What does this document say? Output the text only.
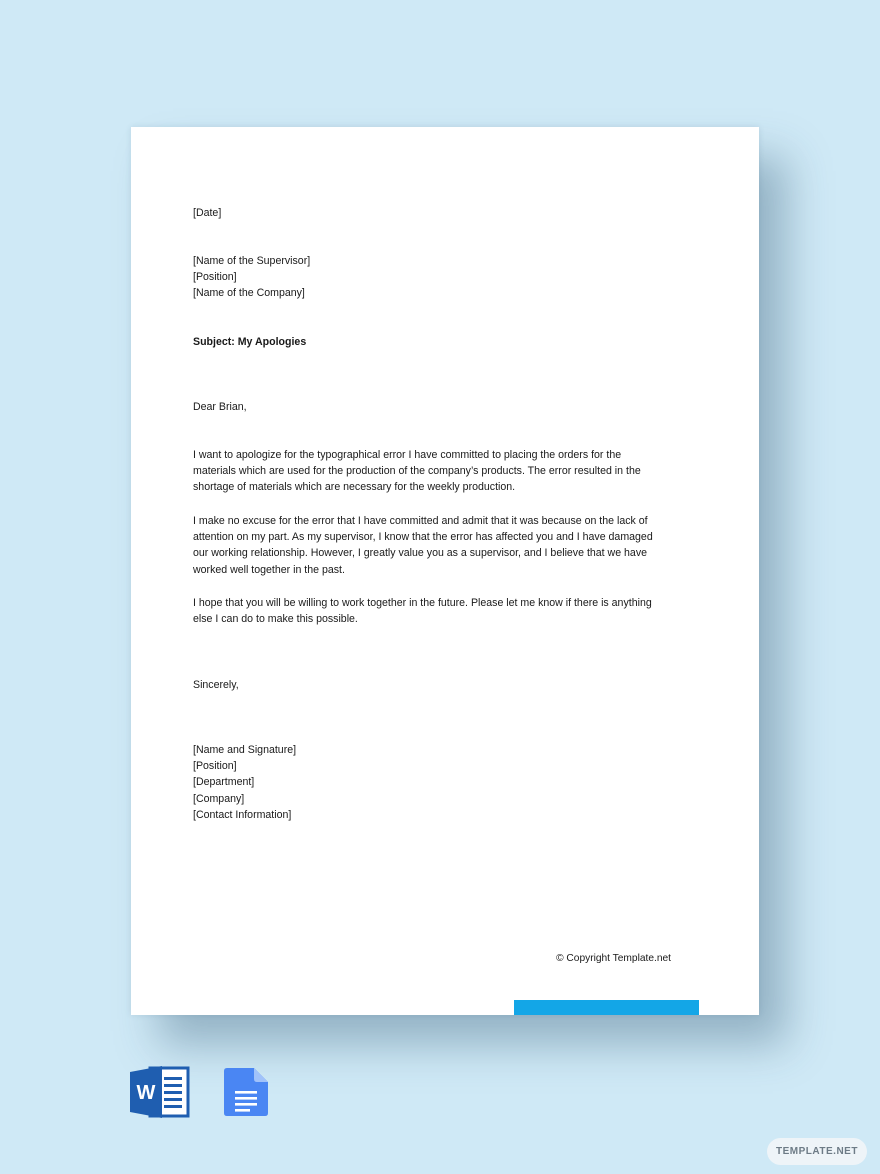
[Date]
[Name of the Supervisor]
[Position]
[Name of the Company]
Subject: My Apologies
Dear Brian,
I want to apologize for the typographical error I have committed to placing the orders for the
materials which are used for the production of the company’s products. The error resulted in the
shortage of materials which are necessary for the weekly production.
I make no excuse for the error that I have committed and admit that it was because on the lack of
attention on my part. As my supervisor, I know that the error has affected you and I have damaged
our working relationship. However, I greatly value you as a supervisor, and I believe that we have
worked well together in the past.
I hope that you will be willing to work together in the future. Please let me know if there is anything
else I can do to make this possible.
Sincerely,
[Name and Signature]
[Position]
[Department]
[Company]
[Contact Information]
© Copyright Template.net
W
TEMPLATE.NET
